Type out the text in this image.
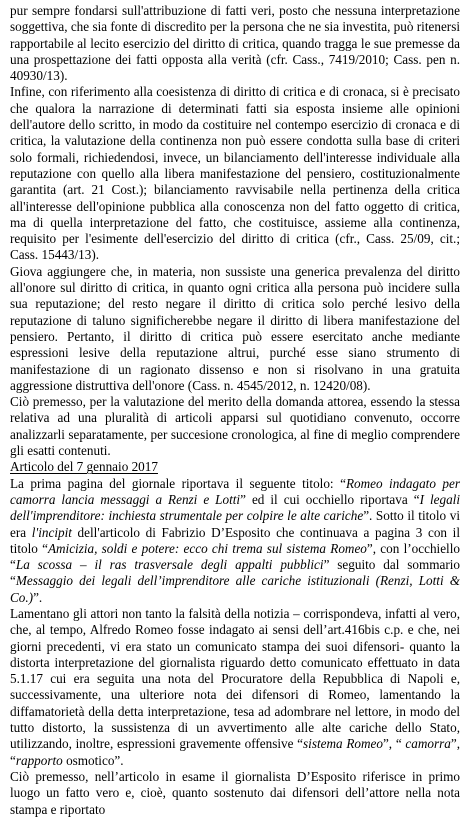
pur sempre fondarsi sull'attribuzione di fatti veri, posto che nessuna interpretazione soggettiva, che sia fonte di discredito per la persona che ne sia investita, può ritenersi rapportabile al lecito esercizio del diritto di critica, quando tragga le sue premesse da una prospettazione dei fatti opposta alla verità (cfr. Cass., 7419/2010; Cass. pen n. 40930/13).

Infine, con riferimento alla coesistenza di diritto di critica e di cronaca, si è precisato che qualora la narrazione di determinati fatti sia esposta insieme alle opinioni dell'autore dello scritto, in modo da costituire nel contempo esercizio di cronaca e di critica, la valutazione della continenza non può essere condotta sulla base di criteri solo formali, richiedendosi, invece, un bilanciamento dell'interesse individuale alla reputazione con quello alla libera manifestazione del pensiero, costituzionalmente garantita (art. 21 Cost.); bilanciamento ravvisabile nella pertinenza della critica all'interesse dell'opinione pubblica alla conoscenza non del fatto oggetto di critica, ma di quella interpretazione del fatto, che costituisce, assieme alla continenza, requisito per l'esimente dell'esercizio del diritto di critica (cfr., Cass. 25/09, cit.; Cass. 15443/13).

Giova aggiungere che, in materia, non sussiste una generica prevalenza del diritto all'onore sul diritto di critica, in quanto ogni critica alla persona può incidere sulla sua reputazione; del resto negare il diritto di critica solo perché lesivo della reputazione di taluno significherebbe negare il diritto di libera manifestazione del pensiero. Pertanto, il diritto di critica può essere esercitato anche mediante espressioni lesive della reputazione altrui, purché esse siano strumento di manifestazione di un ragionato dissenso e non si risolvano in una gratuita aggressione distruttiva dell'onore (Cass. n. 4545/2012, n. 12420/08).

Ciò premesso, per la valutazione del merito della domanda attorea, essendo la stessa relativa ad una pluralità di articoli apparsi sul quotidiano convenuto, occorre analizzarli separatamente, per succesione cronologica, al fine di meglio comprendere gli esatti contenuti.

Articolo del 7 gennaio 2017

La prima pagina del giornale riportava il seguente titolo: “Romeo indagato per camorra lancia messaggi a Renzi e Lotti” ed il cui occhiello riportava “I legali dell'imprenditore: inchiesta strumentale per colpire le alte cariche”. Sotto il titolo vi era l'incipit dell'articolo di Fabrizio D’Esposito che continuava a pagina 3 con il titolo “Amicizia, soldi e potere: ecco chi trema sul sistema Romeo”, con l’occhiello “La scossa – il ras trasversale degli appalti pubblici” seguito dal sommario “Messaggio dei legali dell’imprenditore alle cariche istituzionali (Renzi, Lotti & Co.)”.

Lamentano gli attori non tanto la falsità della notizia – corrispondeva, infatti al vero, che, al tempo, Alfredo Romeo fosse indagato ai sensi dell’art.416bis c.p. e che, nei giorni precedenti, vi era stato un comunicato stampa dei suoi difensori- quanto la distorta interpretazione del giornalista riguardo detto comunicato effettuato in data 5.1.17 cui era seguita una nota del Procuratore della Repubblica di Napoli e, successivamente, una ulteriore nota dei difensori di Romeo, lamentando la diffamatorietà della detta interpretazione, tesa ad adombrare nel lettore, in modo del tutto distorto, la sussistenza di un avvertimento alle alte cariche dello Stato, utilizzando, inoltre, espressioni gravemente offensive “sistema Romeo”, “ camorra”, “rapporto osmotico”.

Ciò premesso, nell’articolo in esame il giornalista D’Esposito riferisce in primo luogo un fatto vero e, cioè, quanto sostenuto dai difensori dell’attore nella nota stampa e riportato
